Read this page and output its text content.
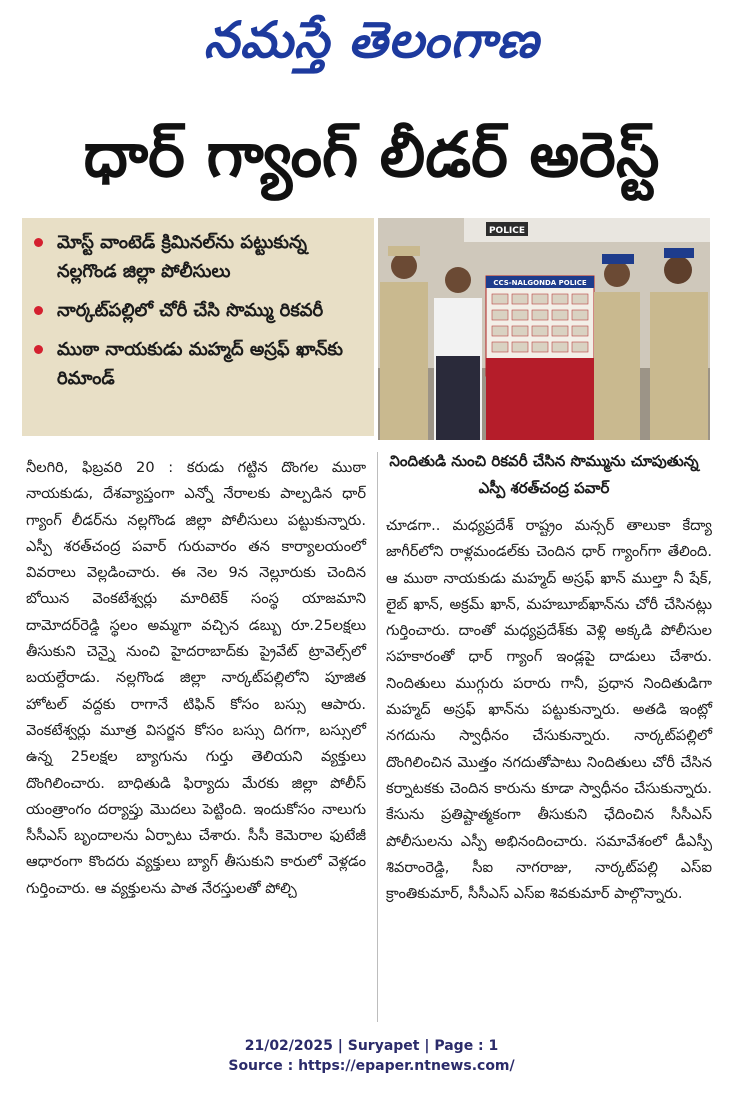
నమస్తే తెలంగాణ
ధార్ గ్యాంగ్ లీడర్ అరెస్ట్
మోస్ట్ వాంటెడ్ క్రిమినల్‌ను పట్టుకున్న నల్లగొండ జిల్లా పోలీసులు
నార్కట్‌పల్లిలో చోరీ చేసి సొమ్ము రికవరీ
ముఠా నాయకుడు మహ్మద్ అస్రఫ్ ఖాన్‌కు రిమాండ్
POLICE
CCS-NALGONDA POLICE
నిందితుడి నుంచి రికవరీ చేసిన సొమ్మును చూపుతున్న ఎస్పీ శరత్‌చంద్ర పవార్
నీలగిరి, ఫిబ్రవరి 20 : కరుడు గట్టిన దొంగల ముఠా నాయకుడు, దేశవ్యాప్తంగా ఎన్నో నేరాలకు పాల్పడిన ధార్ గ్యాంగ్ లీడర్‌ను నల్లగొండ జిల్లా పోలీసులు పట్టుకున్నారు. ఎస్పీ శరత్‌చంద్ర పవార్ గురువారం తన కార్యాలయంలో వివరాలు వెల్లడించారు. ఈ నెల 9న నెల్లూరుకు చెందిన బోయిన వెంకటేశ్వర్లు మారిటెక్ సంస్థ యాజమాని దామోదర్‌రెడ్డి స్థలం అమ్మగా వచ్చిన డబ్బు రూ.25లక్షలు తీసుకుని చెన్నై నుంచి హైదరాబాద్‌కు ప్రైవేట్ ట్రావెల్స్‌లో బయల్దేరాడు. నల్లగొండ జిల్లా నార్కట్‌పల్లిలోని పూజిత హోటల్ వద్దకు రాగానే టిఫిన్ కోసం బస్సు ఆపారు. వెంకటేశ్వర్లు మూత్ర విసర్జన కోసం బస్సు దిగగా, బస్సులో ఉన్న 25లక్షల బ్యాగును గుర్తు తెలియని వ్యక్తులు దొంగిలించారు. బాధితుడి ఫిర్యాదు మేరకు జిల్లా పోలీస్ యంత్రాంగం దర్యాప్తు మొదలు పెట్టింది. ఇందుకోసం నాలుగు సీసీఎస్ బృందాలను ఏర్పాటు చేశారు. సీసీ కెమెరాల ఫుటేజీ ఆధారంగా కొందరు వ్యక్తులు బ్యాగ్ తీసుకుని కారులో వెళ్లడం గుర్తించారు. ఆ వ్యక్తులను పాత నేరస్తులతో పోల్చి
చూడగా.. మధ్యప్రదేశ్ రాష్ట్రం మన్సర్ తాలుకా కేద్యా జాగీర్‌లోని రాళ్లమండల్‌కు చెందిన ధార్ గ్యాంగ్‌గా తేలింది. ఆ ముఠా నాయకుడు మహ్మద్ అస్రఫ్ ఖాన్ ముల్తా నీ షేక్, లైబ్ ఖాన్, అక్రమ్ ఖాన్, మహబూబ్‌ఖాన్‌ను చోరీ చేసినట్లు గుర్తించారు. దాంతో మధ్యప్రదేశ్‌కు వెళ్లి అక్కడి పోలీసుల సహకారంతో ధార్ గ్యాంగ్ ఇండ్లపై దాడులు చేశారు. నిందితులు ముగ్గురు పరారు గానీ, ప్రధాన నిందితుడిగా మహ్మద్ అస్రఫ్ ఖాన్‌ను పట్టుకున్నారు. అతడి ఇంట్లో నగదును స్వాధీనం చేసుకున్నారు. నార్కట్‌పల్లిలో దొంగిలించిన మొత్తం నగదుతోపాటు నిందితులు చోరీ చేసిన కర్నాటకకు చెందిన కారును కూడా స్వాధీనం చేసుకున్నారు. కేసును ప్రతిష్టాత్మకంగా తీసుకుని ఛేదించిన సీసీఎస్ పోలీసులను ఎస్పీ అభినందించారు. సమావేశంలో డీఎస్పీ శివరాంరెడ్డి, సీఐ నాగరాజు, నార్కట్‌పల్లి ఎస్ఐ క్రాంతికుమార్, సీసీఎస్ ఎస్ఐ శివకుమార్ పాల్గొన్నారు.
21/02/2025 | Suryapet | Page : 1
Source : https://epaper.ntnews.com/
